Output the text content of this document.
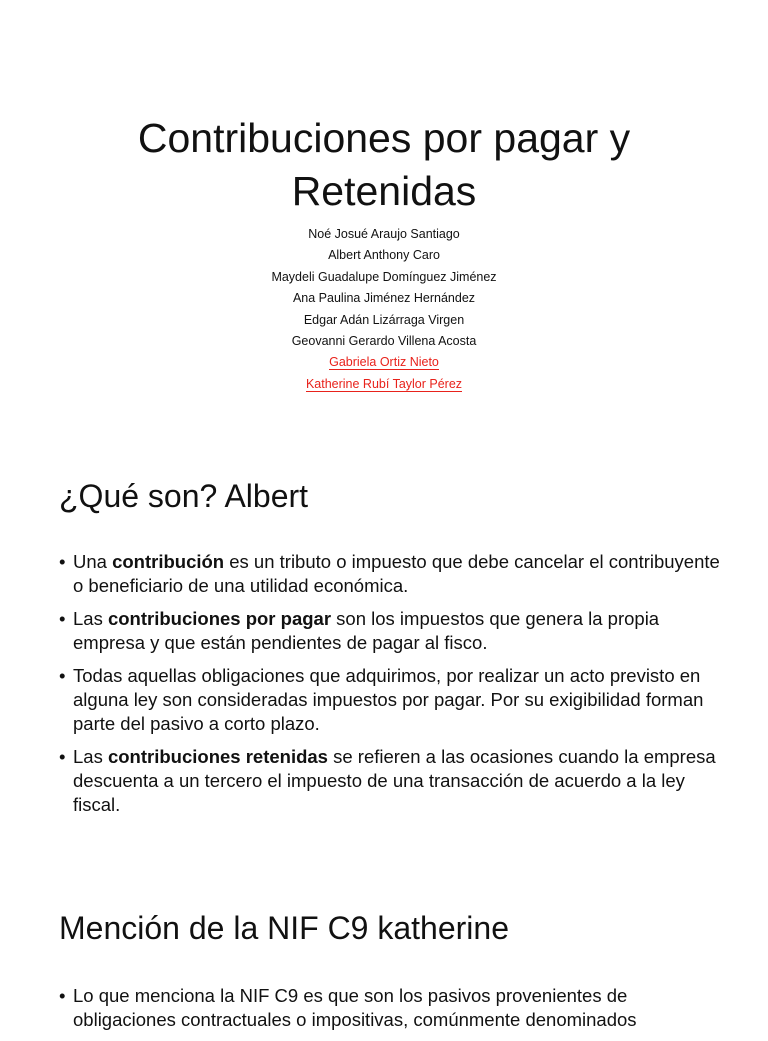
Contribuciones por pagar y
Retenidas
Noé Josué Araujo Santiago
Albert Anthony Caro
Maydeli Guadalupe Domínguez Jiménez
Ana Paulina Jiménez Hernández
Edgar Adán Lizárraga Virgen
Geovanni Gerardo Villena Acosta
Gabriela Ortiz Nieto
Katherine Rubí Taylor Pérez
¿Qué son? Albert
• Una contribución es un tributo o impuesto que debe cancelar el contribuyente o beneficiario de una utilidad económica.
• Las contribuciones por pagar son los impuestos que genera la propia empresa y que están pendientes de pagar al fisco.
• Todas aquellas obligaciones que adquirimos, por realizar un acto previsto en alguna ley son consideradas impuestos por pagar. Por su exigibilidad forman parte del pasivo a corto plazo.
• Las contribuciones retenidas se refieren a las ocasiones cuando la empresa descuenta a un tercero el impuesto de una transacción de acuerdo a la ley fiscal.
Mención de la NIF C9 katherine
• Lo que menciona la NIF C9 es que son los pasivos provenientes de obligaciones contractuales o impositivas, comúnmente denominados
